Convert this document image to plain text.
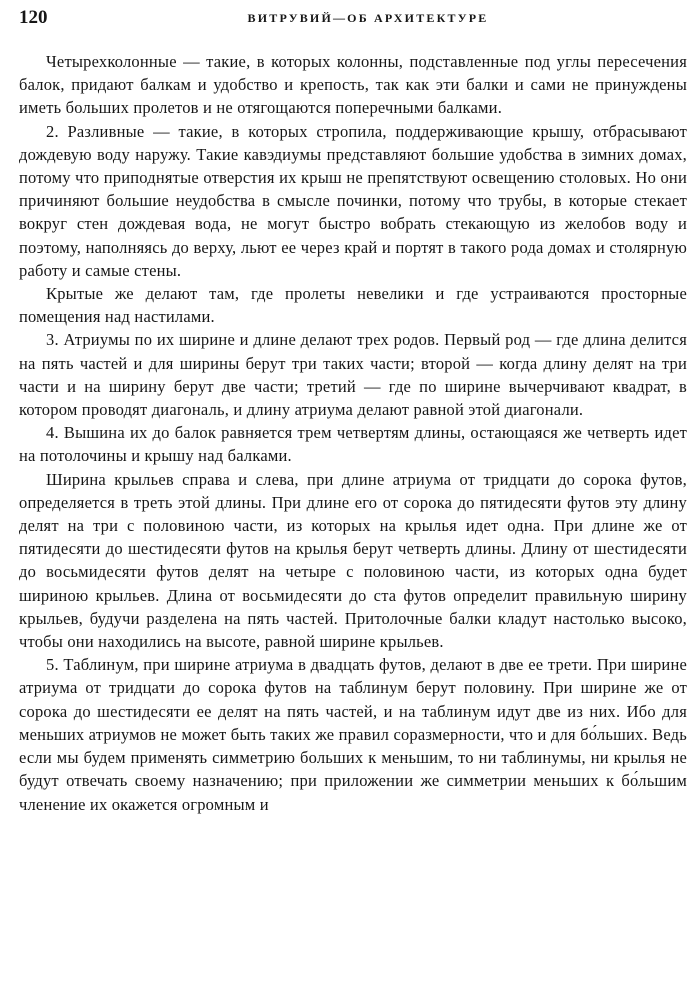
120	ВИТРУВИЙ—ОБ АРХИТЕКТУРЕ

Четырехколонные — такие, в которых колонны, подставленные под углы пересечения балок, придают балкам и удобство и крепость, так как эти балки и сами не принуждены иметь больших пролетов и не отягощаются поперечными балками.

2. Разливные — такие, в которых стропила, поддерживающие крышу, отбрасывают дождевую воду наружу. Такие кавэдиумы представляют большие удобства в зимних домах, потому что приподнятые отверстия их крыш не препятствуют освещению столовых. Но они причиняют большие неудобства в смысле починки, потому что трубы, в которые стекает вокруг стен дождевая вода, не могут быстро вобрать стекающую из желобов воду и поэтому, наполняясь до верху, льют ее через край и портят в такого рода домах и столярную работу и самые стены.

Крытые же делают там, где пролеты невелики и где устраиваются просторные помещения над настилами.

3. Атриумы по их ширине и длине делают трех родов. Первый род — где длина делится на пять частей и для ширины берут три таких части; второй — когда длину делят на три части и на ширину берут две части; третий — где по ширине вычерчивают квадрат, в котором проводят диагональ, и длину атриума делают равной этой диагонали.

4. Вышина их до балок равняется трем четвертям длины, остающаяся же четверть идет на потолочины и крышу над балками.

Ширина крыльев справа и слева, при длине атриума от тридцати до сорока футов, определяется в треть этой длины. При длине его от сорока до пятидесяти футов эту длину делят на три с половиною части, из которых на крылья идет одна. При длине же от пятидесяти до шестидесяти футов на крылья берут четверть длины. Длину от шестидесяти до восьмидесяти футов делят на четыре с половиною части, из которых одна будет шириною крыльев. Длина от восьмидесяти до ста футов определит правильную ширину крыльев, будучи разделена на пять частей. Притолочные балки кладут настолько высоко, чтобы они находились на высоте, равной ширине крыльев.

5. Таблинум, при ширине атриума в двадцать футов, делают в две ее трети. При ширине атриума от тридцати до сорока футов на таблинум берут половину. При ширине же от сорока до шестидесяти ее делят на пять частей, и на таблинум идут две из них. Ибо для меньших атриумов не может быть таких же правил соразмерности, что и для бо́льших. Ведь если мы будем применять симметрию больших к меньшим, то ни таблинумы, ни крылья не будут отвечать своему назначению; при приложении же симметрии меньших к бо́льшим членение их окажется огромным и
